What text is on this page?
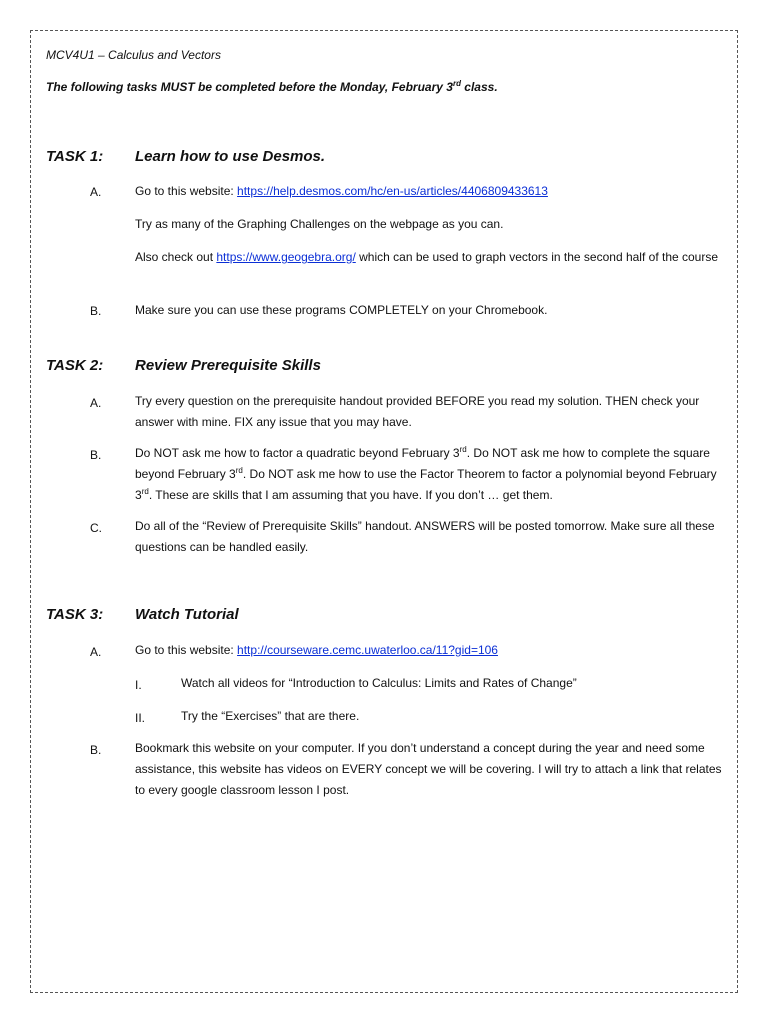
MCV4U1 – Calculus and Vectors
The following tasks MUST be completed before the Monday, February 3rd class.
TASK 1: Learn how to use Desmos.
A.	Go to this website: https://help.desmos.com/hc/en-us/articles/4406809433613
Try as many of the Graphing Challenges on the webpage as you can.
Also check out https://www.geogebra.org/ which can be used to graph vectors in the second half of the course
B.	Make sure you can use these programs COMPLETELY on your Chromebook.
TASK 2: Review Prerequisite Skills
A.	Try every question on the prerequisite handout provided BEFORE you read my solution. THEN check your answer with mine. FIX any issue that you may have.
B.	Do NOT ask me how to factor a quadratic beyond February 3rd. Do NOT ask me how to complete the square beyond February 3rd. Do NOT ask me how to use the Factor Theorem to factor a polynomial beyond February 3rd. These are skills that I am assuming that you have. If you don’t … get them.
C.	Do all of the “Review of Prerequisite Skills” handout. ANSWERS will be posted tomorrow. Make sure all these questions can be handled easily.
TASK 3: Watch Tutorial
A.	Go to this website: http://courseware.cemc.uwaterloo.ca/11?gid=106
I.	Watch all videos for “Introduction to Calculus: Limits and Rates of Change”
II.	Try the “Exercises” that are there.
B.	Bookmark this website on your computer. If you don’t understand a concept during the year and need some assistance, this website has videos on EVERY concept we will be covering. I will try to attach a link that relates to every google classroom lesson I post.
